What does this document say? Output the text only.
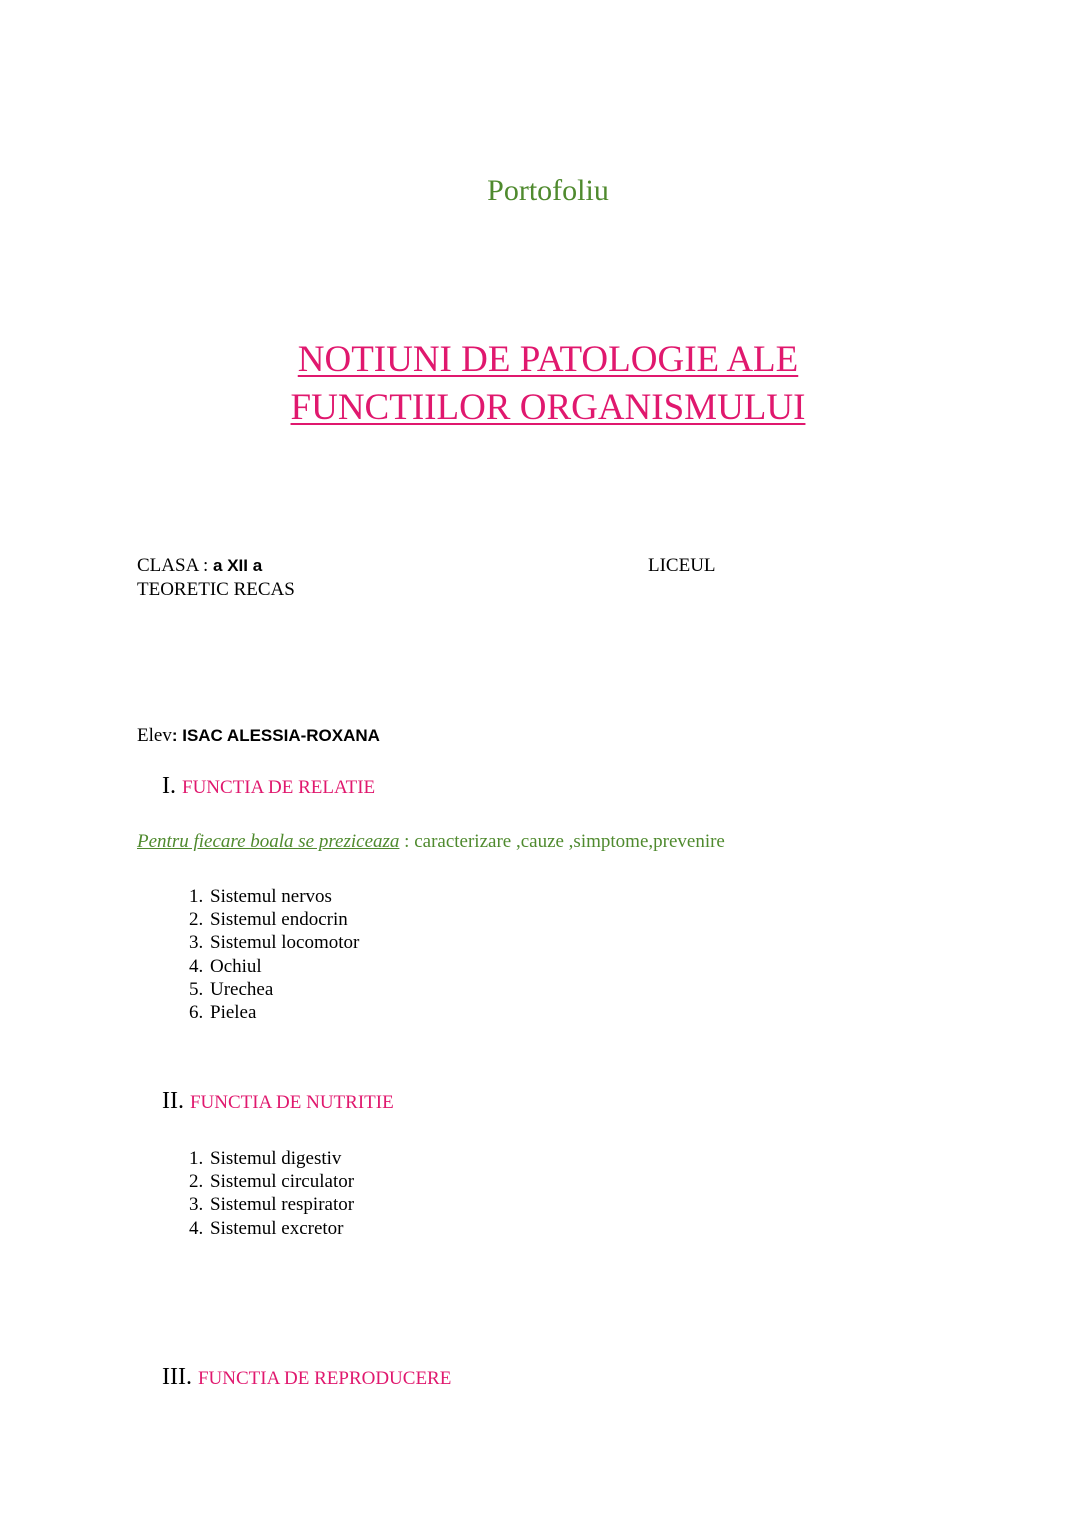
Portofoliu
NOTIUNI DE PATOLOGIE ALE
FUNCTIILOR ORGANISMULUI
CLASA : a XII a	LICEUL
TEORETIC RECAS
Elev: ISAC ALESSIA-ROXANA
I. FUNCTIA DE RELATIE
Pentru fiecare boala se preziceaza : caracterizare ,cauze ,simptome,prevenire
1. Sistemul nervos
2. Sistemul endocrin
3. Sistemul locomotor
4. Ochiul
5. Urechea
6. Pielea
II. FUNCTIA DE NUTRITIE
1. Sistemul digestiv
2. Sistemul circulator
3. Sistemul respirator
4. Sistemul excretor
III. FUNCTIA DE REPRODUCERE
